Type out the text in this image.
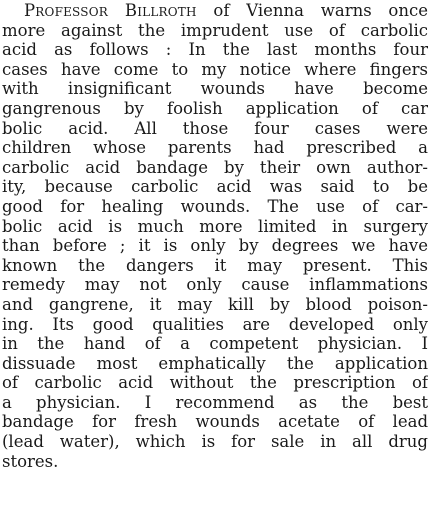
Professor Billroth of Vienna warns once
more against the imprudent use of carbolic
acid as follows : In the last months four
cases have come to my notice where fingers
with insignificant wounds have become
gangrenous by foolish application of car
bolic acid. All those four cases were
children whose parents had prescribed a
carbolic acid bandage by their own author-
ity, because carbolic acid was said to be
good for healing wounds. The use of car-
bolic acid is much more limited in surgery
than before ; it is only by degrees we have
known the dangers it may present. This
remedy may not only cause inflammations
and gangrene, it may kill by blood poison-
ing. Its good qualities are developed only
in the hand of a competent physician. I
dissuade most emphatically the application
of carbolic acid without the prescription of
a physician. I recommend as the best
bandage for fresh wounds acetate of lead
(lead water), which is for sale in all drug
stores.
